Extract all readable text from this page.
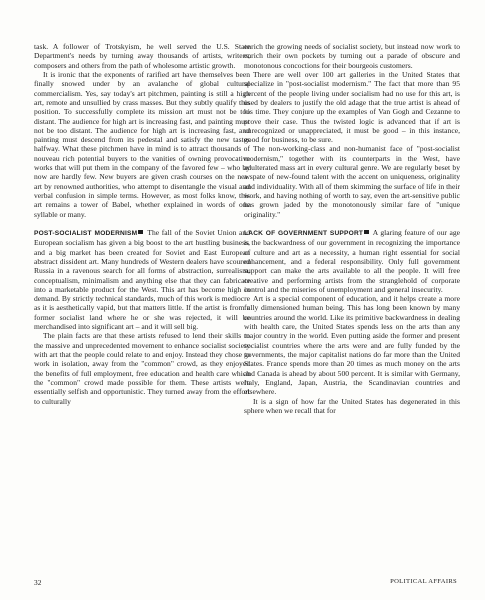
task. A follower of Trotskyism, he well served the U.S. State Department's needs by turning away thousands of artists, writers, composers and others from the path of wholesome artistic growth.

It is ironic that the exponents of rarified art have themselves been finally snowed under by an avalanche of global cultural commercialism. Yes, say today's art pitchmen, painting is still a high art, remote and unsullied by crass masses. But they subtly qualify this position. To successfully complete its mission art must not be too distant. The audience for high art is increasing fast, and painting must not be too distant. The audience for high art is increasing fast, and painting must descend from its pedestal and satisfy the new tastes halfway. What these pitchmen have in mind is to attract thousands of nouveau rich potential buyers to the vanities of owning provocative works that will put them in the company of the favored few – who by now are hardly few. New buyers are given crash courses on the new art by renowned authorities, who attempt to disentangle the visual and verbal confusion in simple terms. However, as most folks know, this art remains a tower of Babel, whether explained in words of one syllable or many.

POST-SOCIALIST MODERNISM The fall of the Soviet Union and European socialism has given a big boost to the art hustling business, and a big market has been created for Soviet and East European abstract dissident art. Many hundreds of Western dealers have scoured Russia in a ravenous search for all forms of abstraction, surrealism, conceptualism, minimalism and anything else that they can fabricate into a marketable product for the West. This art has become high in demand. By strictly technical standards, much of this work is mediocre as it is aesthetically vapid, but that matters little. If the artist is from a former socialist land where he or she was rejected, it will be merchandised into significant art – and it will sell big.

The plain facts are that these artists refused to lend their skills to the massive and unprecedented movement to enhance socialist society with art that the people could relate to and enjoy. Instead they chose to work in isolation, away from the "common" crowd, as they enjoyed the benefits of full employment, free education and health care which the "common" crowd made possible for them. These artists were essentially selfish and opportunistic. They turned away from the effort to culturally

enrich the growing needs of socialist society, but instead now work to enrich their own pockets by turning out a parade of obscure and monotonous concoctions for their bourgeois customers.

There are well over 100 art galleries in the United States that specialize in "post-socialist modernism." The fact that more than 95 percent of the people living under socialism had no use for this art, is used by dealers to justify the old adage that the true artist is ahead of his time. They conjure up the examples of Van Gogh and Cezanne to prove their case. Thus the twisted logic is advanced that if art is unrecognized or unappreciated, it must be good – in this instance, good for business, to be sure.

The non-working-class and non-humanist face of "post-socialist modernism," together with its counterparts in the West, have adulterated mass art in every cultural genre. We are regularly beset by a spate of new-found talent with the accent on uniqueness, originality and individuality. With all of them skimming the surface of life in their work, and having nothing of worth to say, even the art-sensitive public has grown jaded by the monotonously similar fare of "unique originality."

LACK OF GOVERNMENT SUPPORT A glaring feature of our age is the backwardness of our government in recognizing the importance of culture and art as a necessity, a human right essential for social enhancement, and a federal responsibility. Only full government support can make the arts available to all the people. It will free creative and performing artists from the stranglehold of corporate control and the miseries of unemployment and general insecurity.

Art is a special component of education, and it helps create a more fully dimensioned human being. This has long been known by many countries around the world. Like its primitive backwardness in dealing with health care, the United States spends less on the arts than any major country in the world. Even putting aside the former and present socialist countries where the arts were and are fully funded by the governments, the major capitalist nations do far more than the United States. France spends more than 20 times as much money on the arts and Canada is ahead by about 500 percent. It is similar with Germany, Italy, England, Japan, Austria, the Scandinavian countries and elsewhere.

It is a sign of how far the United States has degenerated in this sphere when we recall that for

32	POLITICAL AFFAIRS
